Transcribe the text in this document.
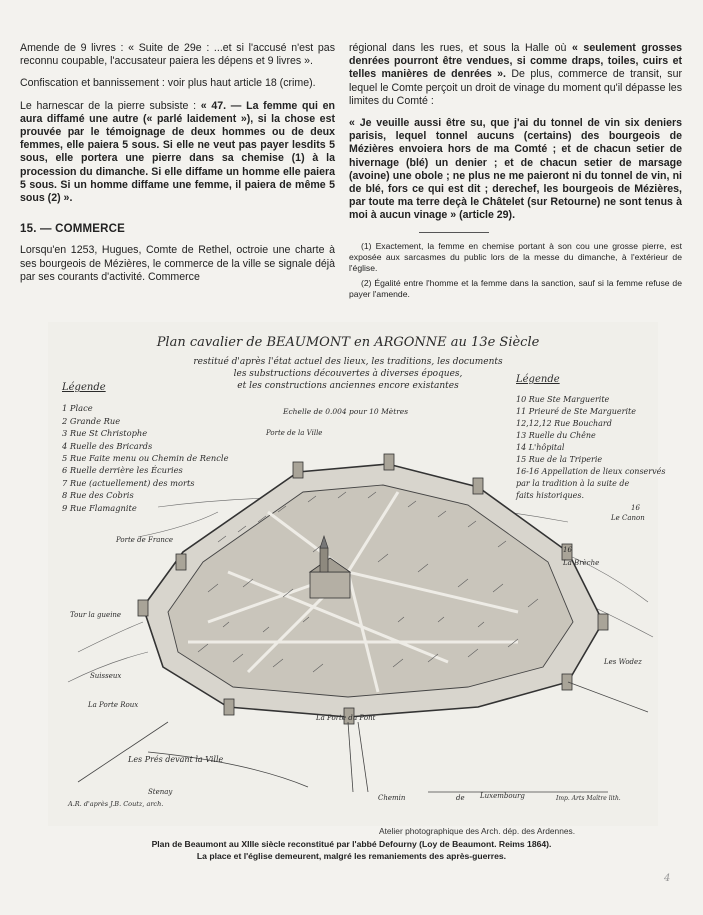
Amende de 9 livres : « Suite de 29e : ...et si l'accusé n'est pas reconnu coupable, l'accusateur paiera les dépens et 9 livres ».

Confiscation et bannissement : voir plus haut article 18 (crime).

Le harnescar de la pierre subsiste : « 47. — La femme qui en aura diffamé une autre (« parlé laidement »), si la chose est prouvée par le témoignage de deux hommes ou de deux femmes, elle paiera 5 sous. Si elle ne veut pas payer lesdits 5 sous, elle portera une pierre dans sa chemise (1) à la procession du dimanche. Si elle diffame un homme elle paiera 5 sous. Si un homme diffame une femme, il paiera de même 5 sous (2) ».

15. — COMMERCE

Lorsqu'en 1253, Hugues, Comte de Rethel, octroie une charte à ses bourgeois de Mézières, le commerce de la ville se signale déjà par ses courants d'activité. Commerce

régional dans les rues, et sous la Halle où « seulement grosses denrées pourront être vendues, si comme draps, toiles, cuirs et telles manières de denrées ». De plus, commerce de transit, sur lequel le Comte perçoit un droit de vinage du moment qu'il dépasse les limites du Comté :

« Je veuille aussi être su, que j'ai du tonnel de vin six deniers parisis, lequel tonnel aucuns (certains) des bourgeois de Mézières envoiera hors de ma Comté ; et de chacun setier de hivernage (blé) un denier ; et de chacun setier de marsage (avoine) une obole ; ne plus ne me paieront ni du tonnel de vin, ni de blé, fors ce qui est dit ; derechef, les bourgeois de Mézières, par toute ma terre deçà le Châtelet (sur Retourne) ne sont tenus à moi à aucun vinage » (article 29).

(1) Exactement, la femme en chemise portant à son cou une grosse pierre, est exposée aux sarcasmes du public lors de la messe du dimanche, à l'extérieur de l'église.

(2) Égalité entre l'homme et la femme dans la sanction, sauf si la femme refuse de payer l'amende.

Plan cavalier de BEAUMONT en ARGONNE au 13e Siècle
restitué d'après l'état actuel des lieux, les traditions, les documents
les substructions découvertes à diverses époques,
et les constructions anciennes encore existantes
Echelle de 0.004 pour 10 Mètres
Porte de France
Porte de la Ville
Tour la gueine
Suisseux
La Porte Roux
La Porte du Pont
Les Prés devant la Ville
Stenay
Chemin	de Luxembourg
Le Canon
La Brèche
Les Wodez
16
16
A.R. d'après J.B. Coutz, arch.
Imp. Arts Maître lith.
Légende
1 Place
2 Grande Rue
3 Rue St Christophe
4 Ruelle des Bricards
5 Rue Faite menu ou Chemin de Rencle
6 Ruelle derrière les Écuries
7 Rue (actuellement) des morts
8 Rue des Cobris
9 Rue Flamagnite
Légende
10 Rue Ste Marguerite
11 Prieuré de Ste Marguerite
12,12,12 Rue Bouchard
13 Ruelle du Chêne
14 L'hôpital
15 Rue de la Triperie
16-16 Appellation de lieux conservés
par la tradition à la suite de
faits historiques.
Atelier photographique des Arch. dép. des Ardennes.
Plan de Beaumont au XIIIe siècle reconstitué par l'abbé Defourny (Loy de Beaumont. Reims 1864).
La place et l'église demeurent, malgré les remaniements des après-guerres.
4
